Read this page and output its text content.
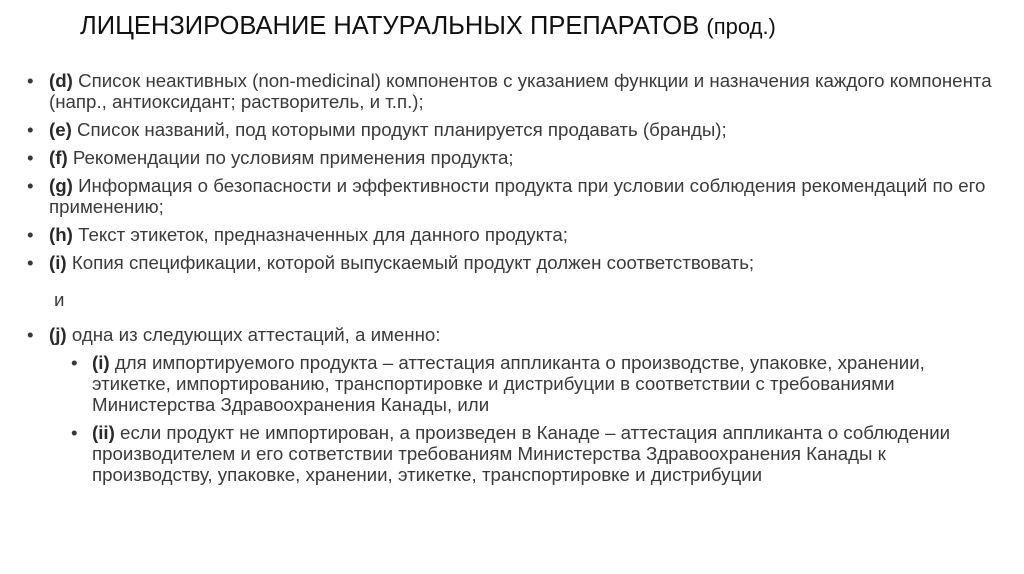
ЛИЦЕНЗИРОВАНИЕ НАТУРАЛЬНЫХ ПРЕПАРАТОВ (прод.)
• (d) Список неактивных (non-medicinal) компонентов с указанием функции и назначения каждого компонента (напр., антиоксидант; растворитель, и т.п.);
• (e) Список названий, под которыми продукт планируется продавать (бранды);
• (f) Рекомендации по условиям применения продукта;
• (g) Информация о безопасности и эффективности продукта при условии соблюдения рекомендаций по его применению;
• (h) Текст этикеток, предназначенных для данного продукта;
• (i) Копия спецификации, которой выпускаемый продукт должен соответствовать;
и
• (j) одна из следующих аттестаций, а именно:
• (i) для импортируемого продукта – аттестация аппликанта о производстве, упаковке, хранении, этикетке, импортированию, транспортировке и дистрибуции в соответствии с требованиями Министерства Здравоохранения Канады, или
• (ii) если продукт не импортирован, а произведен в Канаде – аттестация аппликанта о соблюдении производителем и его сответствии требованиям Министерства Здравоохранения Канады к производству, упаковке, хранении, этикетке, транспортировке и дистрибуции
